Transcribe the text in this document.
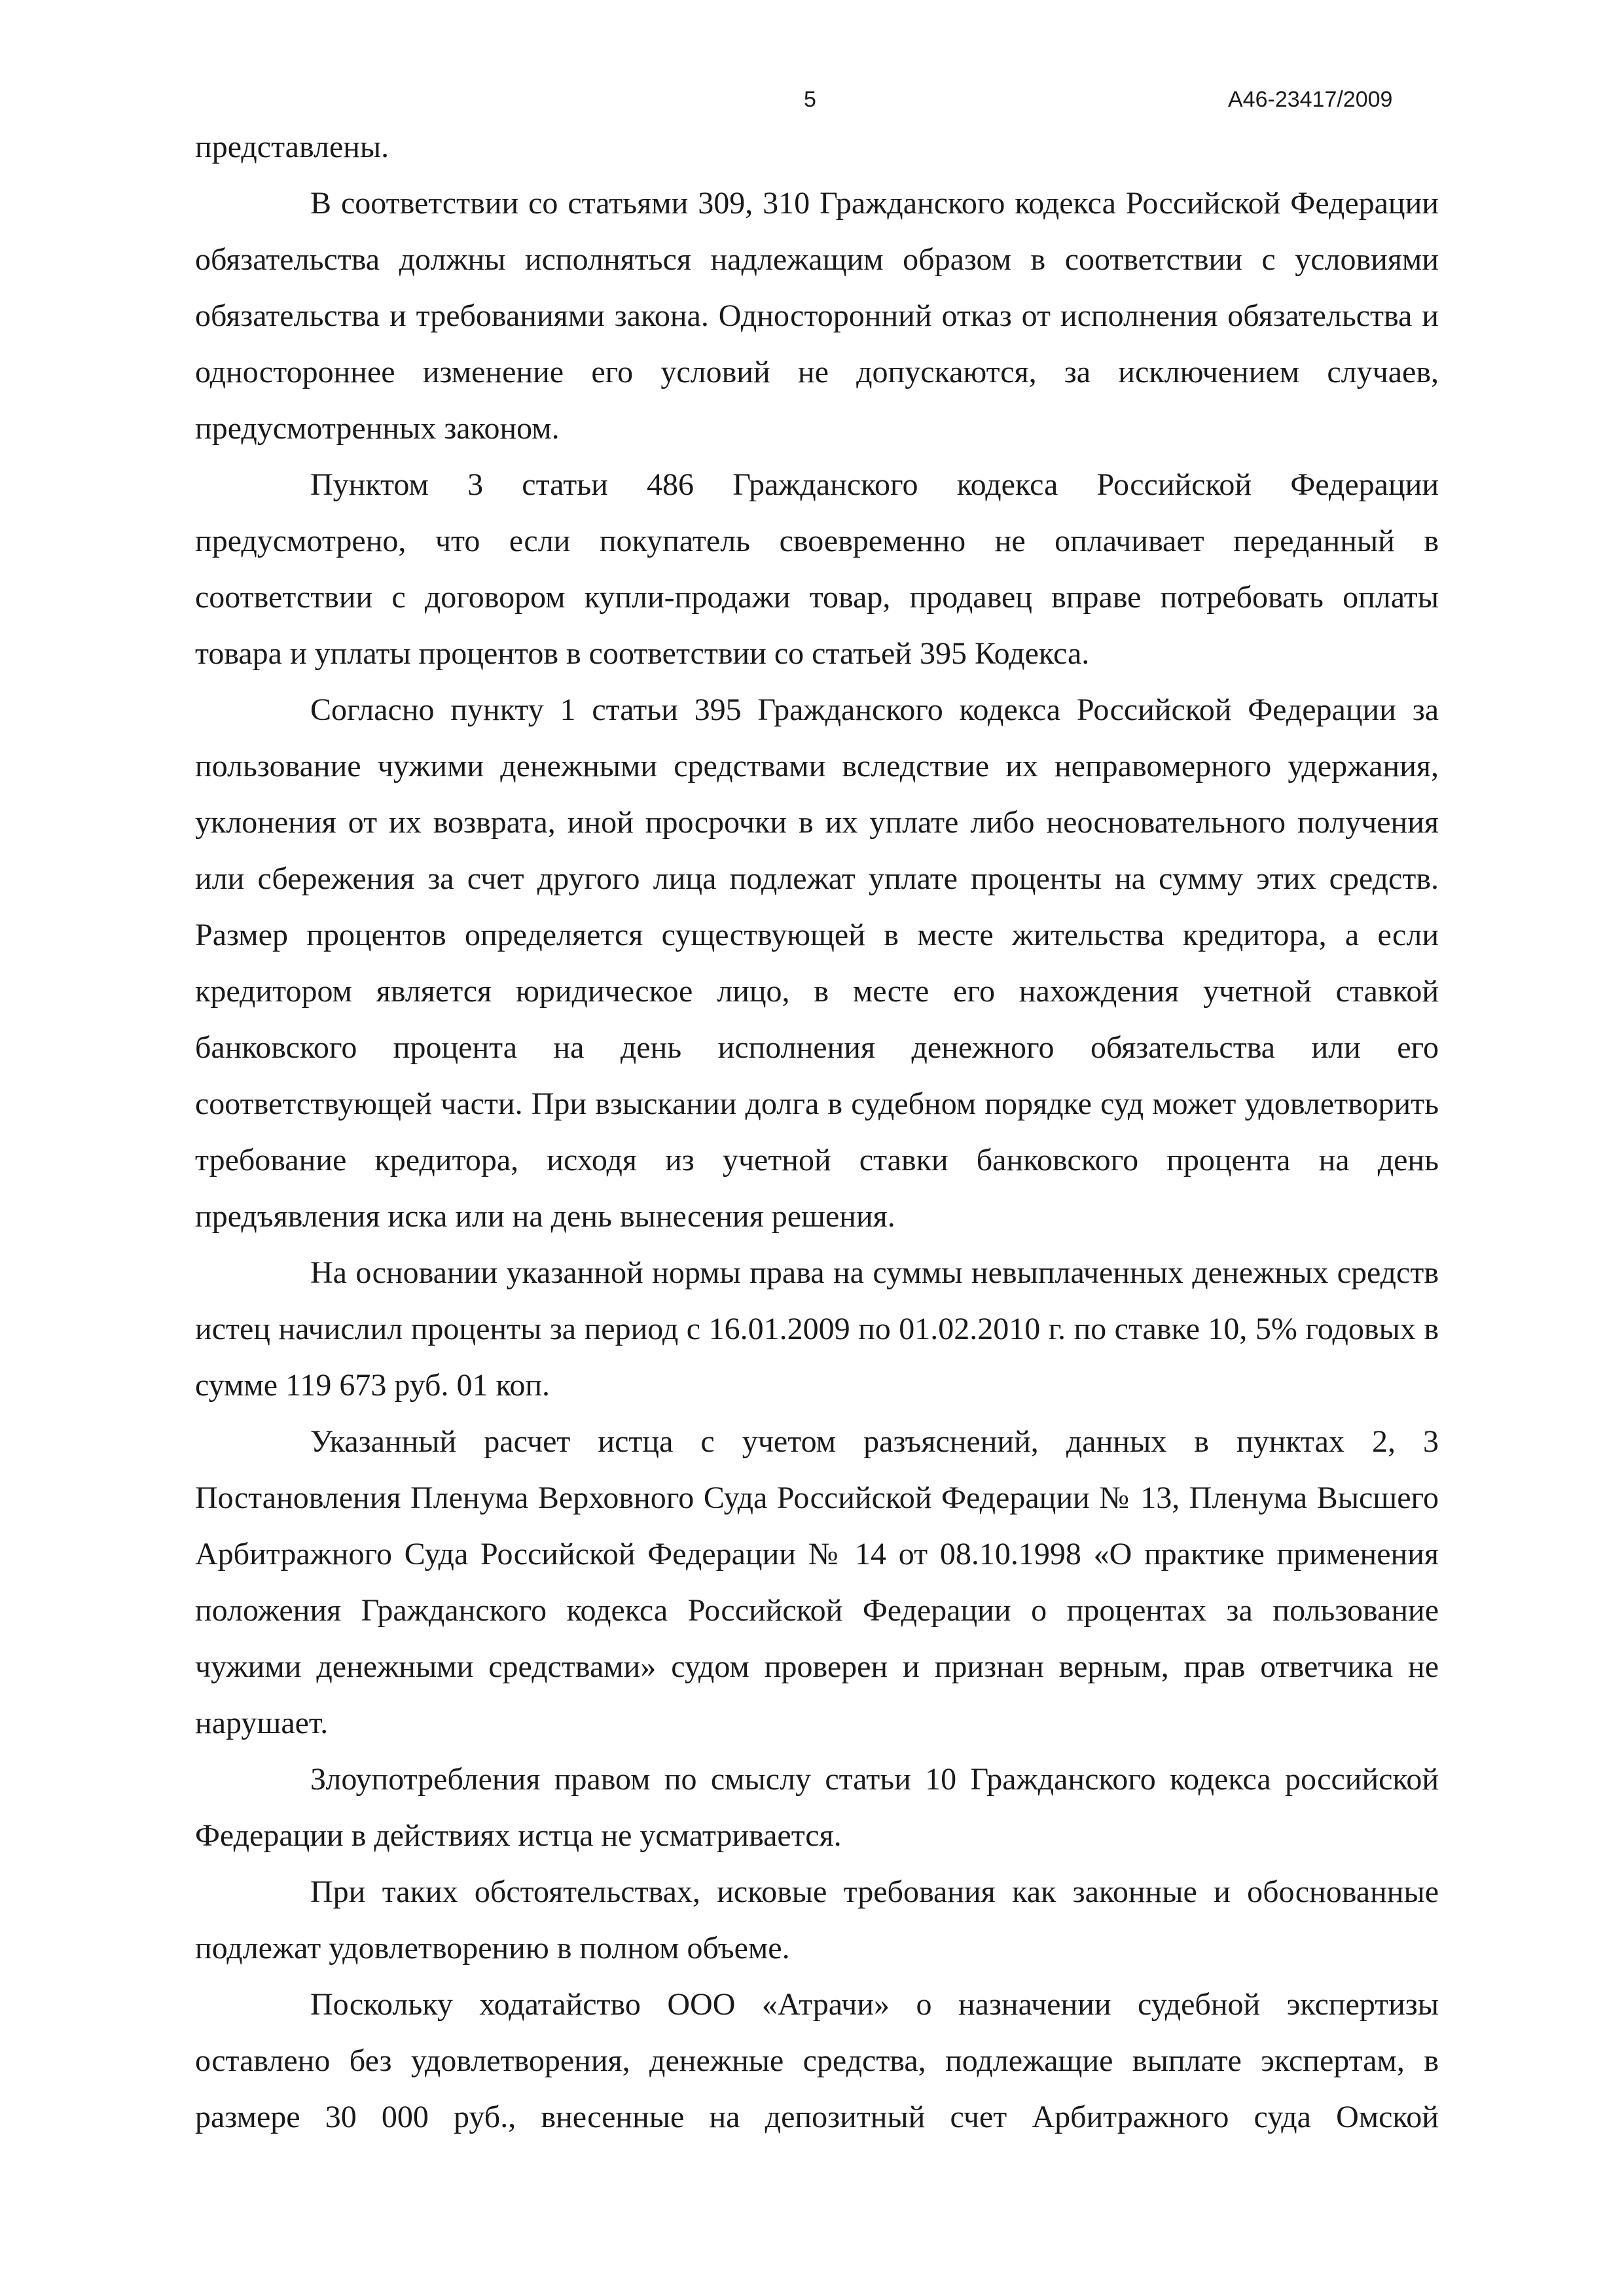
5	А46-23417/2009

представлены.

В соответствии со статьями 309, 310 Гражданского кодекса Российской Федерации обязательства должны исполняться надлежащим образом в соответствии с условиями обязательства и требованиями закона. Односторонний отказ от исполнения обязательства и одностороннее изменение его условий не допускаются, за исключением случаев, предусмотренных законом.

Пунктом 3 статьи 486 Гражданского кодекса Российской Федерации предусмотрено, что если покупатель своевременно не оплачивает переданный в соответствии с договором купли-продажи товар, продавец вправе потребовать оплаты товара и уплаты процентов в соответствии со статьей 395 Кодекса.

Согласно пункту 1 статьи 395 Гражданского кодекса Российской Федерации за пользование чужими денежными средствами вследствие их неправомерного удержания, уклонения от их возврата, иной просрочки в их уплате либо неосновательного получения или сбережения за счет другого лица подлежат уплате проценты на сумму этих средств. Размер процентов определяется существующей в месте жительства кредитора, а если кредитором является юридическое лицо, в месте его нахождения учетной ставкой банковского процента на день исполнения денежного обязательства или его соответствующей части. При взыскании долга в судебном порядке суд может удовлетворить требование кредитора, исходя из учетной ставки банковского процента на день предъявления иска или на день вынесения решения.

На основании указанной нормы права на суммы невыплаченных денежных средств истец начислил проценты за период с 16.01.2009 по 01.02.2010 г. по ставке 10, 5% годовых в сумме 119 673 руб. 01 коп.

Указанный расчет истца с учетом разъяснений, данных в пунктах 2, 3 Постановления Пленума Верховного Суда Российской Федерации № 13, Пленума Высшего Арбитражного Суда Российской Федерации № 14 от 08.10.1998 «О практике применения положения Гражданского кодекса Российской Федерации о процентах за пользование чужими денежными средствами» судом проверен и признан верным, прав ответчика не нарушает.

Злоупотребления правом по смыслу статьи 10 Гражданского кодекса российской Федерации в действиях истца не усматривается.

При таких обстоятельствах, исковые требования как законные и обоснованные подлежат удовлетворению в полном объеме.

Поскольку ходатайство ООО «Атрачи» о назначении судебной экспертизы оставлено без удовлетворения, денежные средства, подлежащие выплате экспертам, в размере 30 000 руб., внесенные на депозитный счет Арбитражного суда Омской
